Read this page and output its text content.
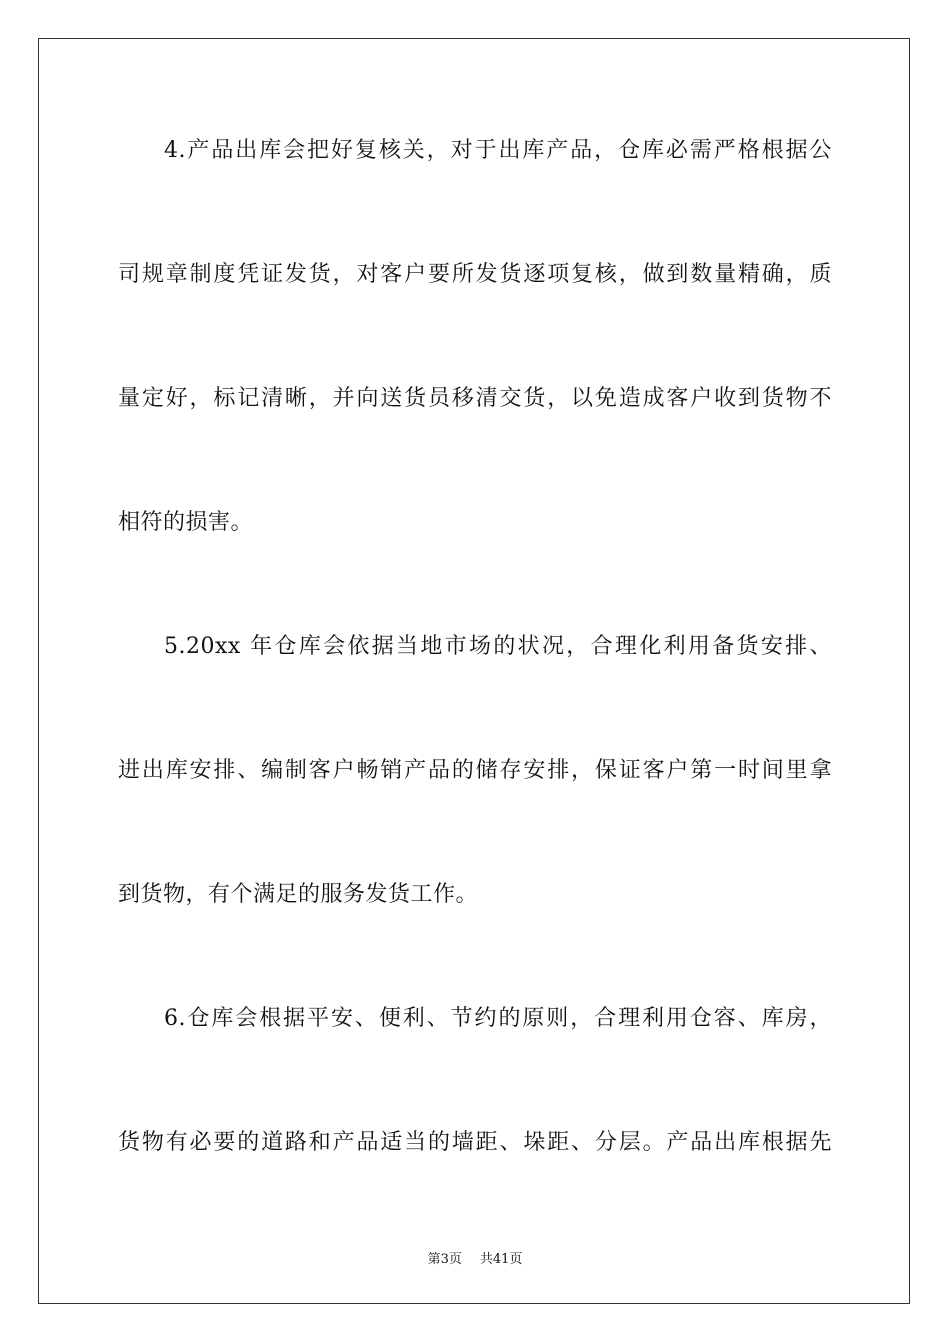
4.产品出库会把好复核关，对于出库产品，仓库必需严格根据公
司规章制度凭证发货，对客户要所发货逐项复核，做到数量精确，质
量定好，标记清晰，并向送货员移清交货，以免造成客户收到货物不
相符的损害。
5.20xx 年仓库会依据当地市场的状况，合理化利用备货安排、
进出库安排、编制客户畅销产品的储存安排，保证客户第一时间里拿
到货物，有个满足的服务发货工作。
6.仓库会根据平安、便利、节约的原则，合理利用仓容、库房，
货物有必要的道路和产品适当的墙距、垛距、分层。产品出库根据先
第3页 共41页
